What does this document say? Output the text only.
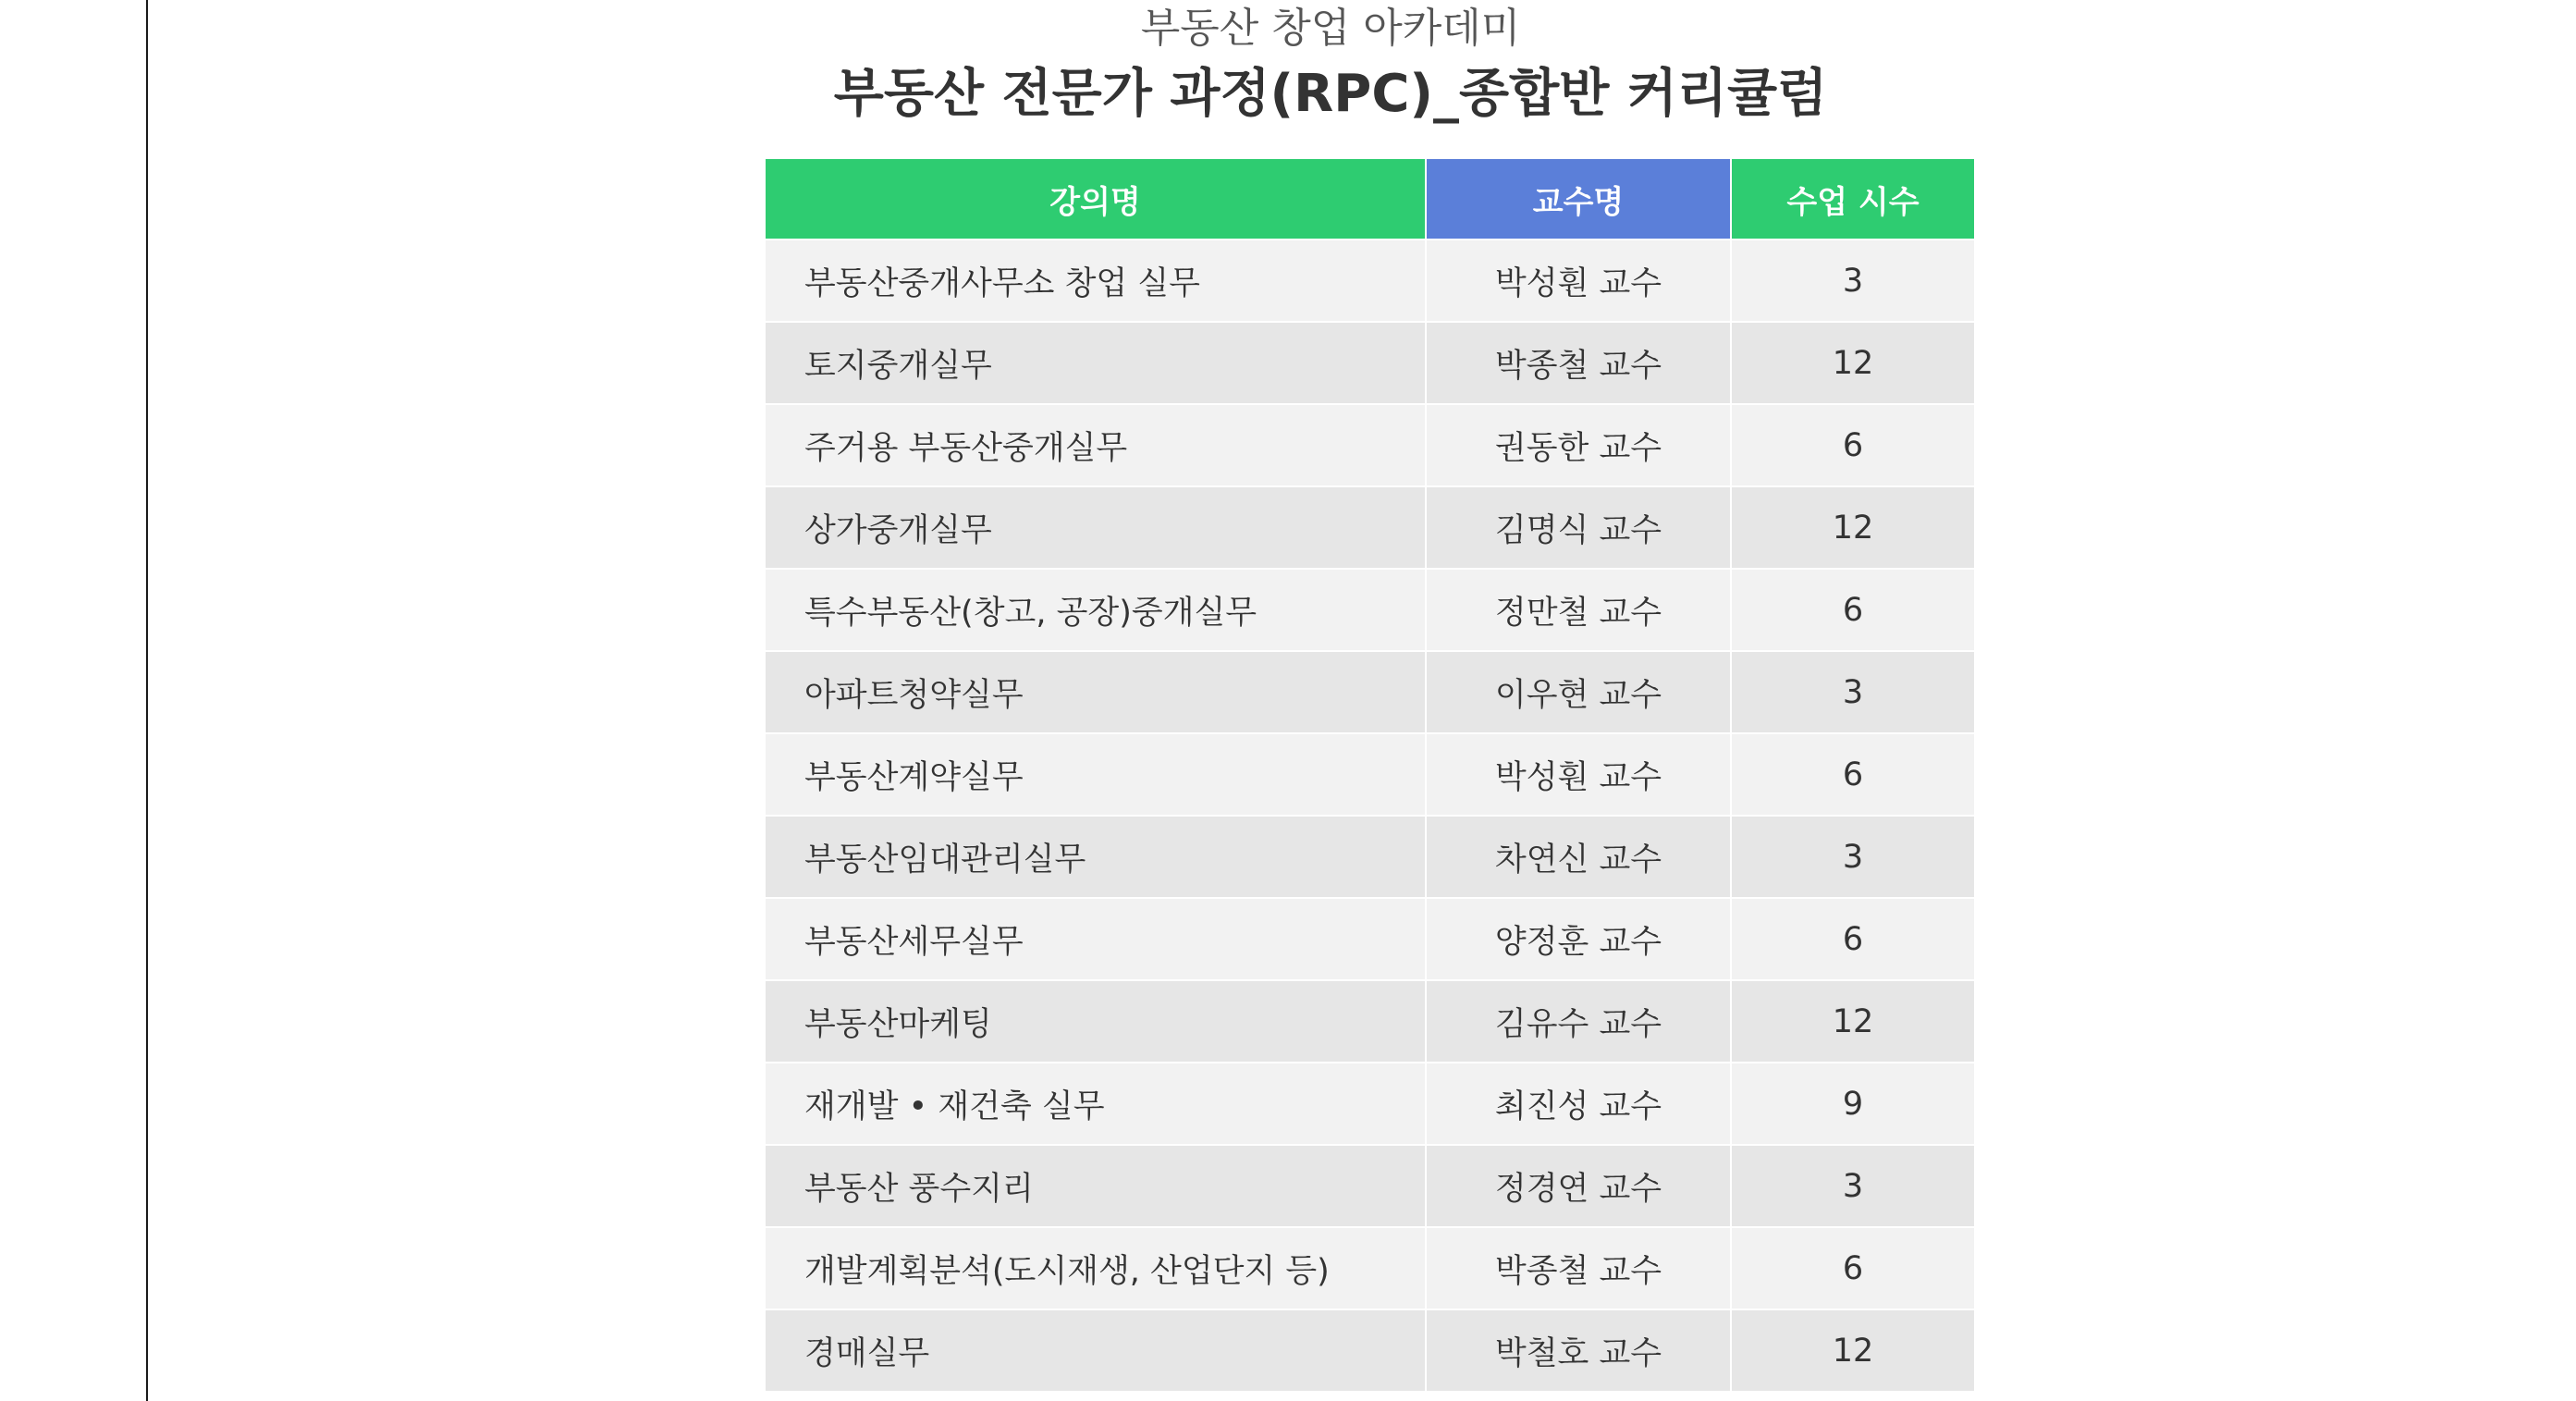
부동산 창업 아카데미
부동산 전문가 과정(RPC)_종합반 커리큘럼
강의명	교수명	수업 시수
부동산중개사무소 창업 실무	박성훤 교수	3
토지중개실무	박종철 교수	12
주거용 부동산중개실무	권동한 교수	6
상가중개실무	김명식 교수	12
특수부동산(창고, 공장)중개실무	정만철 교수	6
아파트청약실무	이우현 교수	3
부동산계약실무	박성훤 교수	6
부동산임대관리실무	차연신 교수	3
부동산세무실무	양정훈 교수	6
부동산마케팅	김유수 교수	12
재개발 • 재건축 실무	최진성 교수	9
부동산 풍수지리	정경연 교수	3
개발계획분석(도시재생, 산업단지 등)	박종철 교수	6
경매실무	박철호 교수	12
